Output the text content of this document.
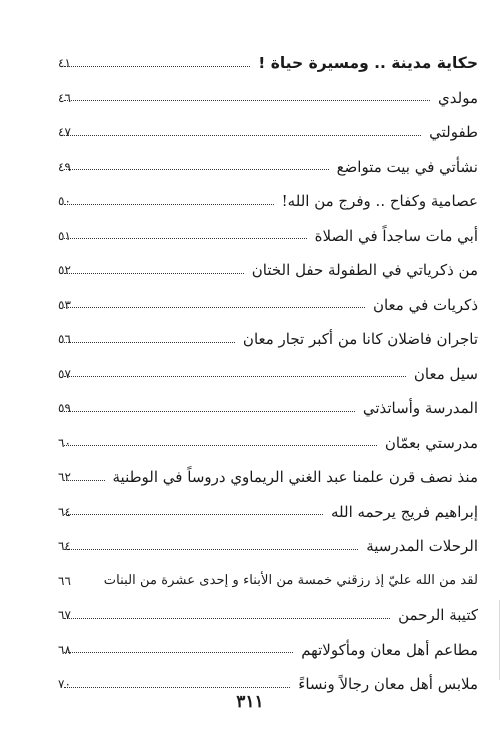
حكاية مدينة .. ومسيرة حياة !
٤١
مولدي
٤٦
طفولتي
٤٧
نشأتي في بيت متواضع
٤٩
عصامية وكفاح .. وفرج من الله!
٥٠
أبي مات ساجداً في الصلاة
٥١
من ذكرياتي في الطفولة حفل الختان
٥٢
ذكريات في معان
٥٣
تاجران فاضلان كانا من أكبر تجار معان
٥٦
سيل معان
٥٧
المدرسة وأساتذتي
٥٩
مدرستي بعمّان
٦٠
منذ نصف قرن علمنا عبد الغني الريماوي دروساً في الوطنية
٦٢
إبراهيم فريج يرحمه الله
٦٤
الرحلات المدرسية
٦٤
لقد من الله عليّ إذ رزقني خمسة من الأبناء و إحدى عشرة من البنات
٦٦
كتيبة الرحمن
٦٧
مطاعم أهل معان ومأكولاتهم
٦٨
ملابس أهل معان رجالاً ونساءً
٧٠
٣١١
